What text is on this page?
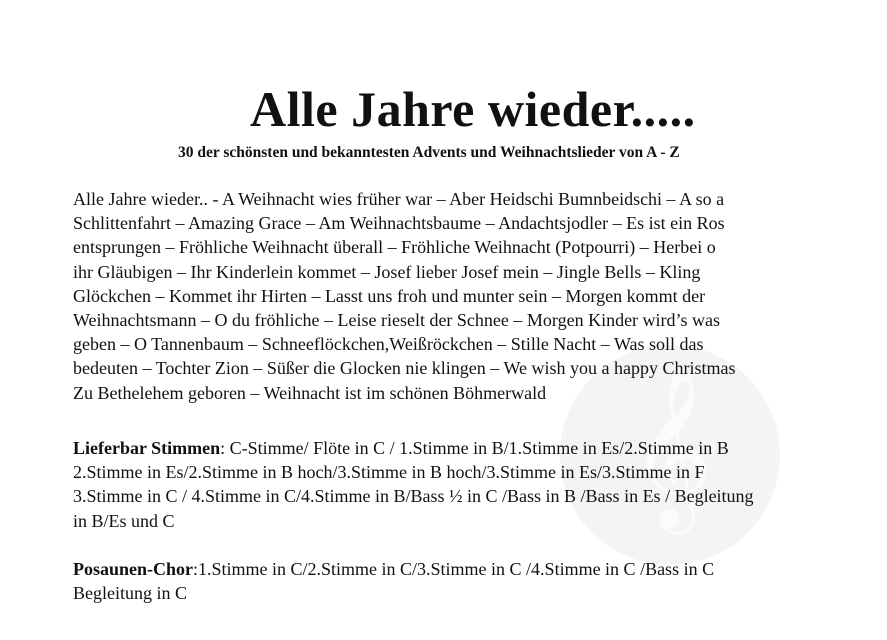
𝄞
Alle Jahre wieder.....
30 der schönsten und bekanntesten Advents und Weihnachtslieder von A - Z
Alle Jahre wieder.. - A Weihnacht wies früher war – Aber Heidschi Bumnbeidschi – A so a
Schlittenfahrt – Amazing Grace – Am Weihnachtsbaume – Andachtsjodler – Es ist ein Ros
entsprungen – Fröhliche Weihnacht überall – Fröhliche Weihnacht (Potpourri) – Herbei o
ihr Gläubigen – Ihr Kinderlein kommet – Josef lieber Josef mein – Jingle Bells – Kling
Glöckchen – Kommet ihr Hirten – Lasst uns froh und munter sein – Morgen kommt der
Weihnachtsmann – O du fröhliche – Leise rieselt der Schnee – Morgen Kinder wird’s was
geben – O Tannenbaum – Schneeflöckchen,Weißröckchen – Stille Nacht – Was soll das
bedeuten – Tochter Zion – Süßer die Glocken nie klingen – We wish you a happy Christmas
Zu Bethelehem geboren – Weihnacht ist im schönen Böhmerwald
Lieferbar Stimmen: C-Stimme/ Flöte in C / 1.Stimme in B/1.Stimme in Es/2.Stimme in B
2.Stimme in Es/2.Stimme in B hoch/3.Stimme in B hoch/3.Stimme in Es/3.Stimme in F
3.Stimme in C / 4.Stimme in C/4.Stimme in B/Bass ½ in C /Bass in B /Bass in Es / Begleitung
in B/Es und C
Posaunen-Chor:1.Stimme in C/2.Stimme in C/3.Stimme in C /4.Stimme in C /Bass in C
Begleitung in C
